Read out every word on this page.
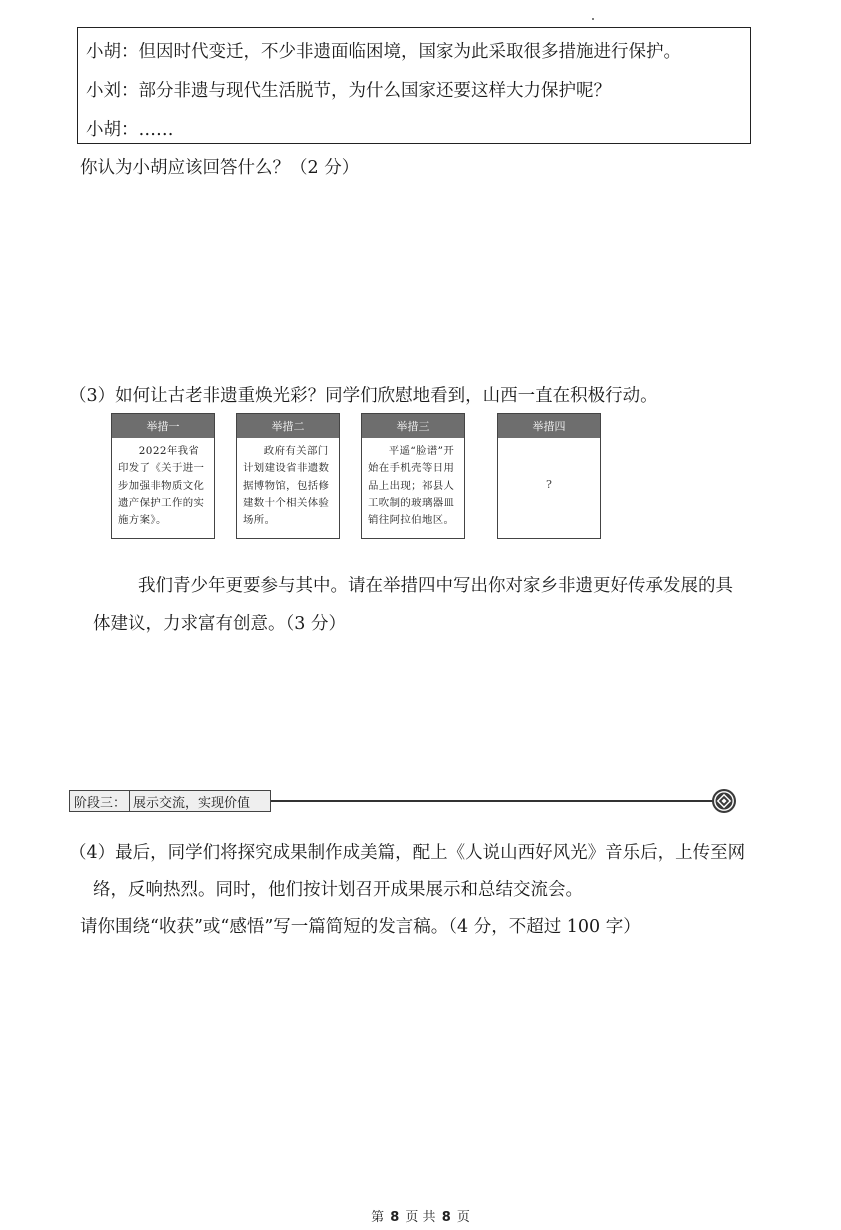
小胡：但因时代变迁，不少非遗面临困境，国家为此采取很多措施进行保护。
小刘：部分非遗与现代生活脱节，为什么国家还要这样大力保护呢？
小胡：……
你认为小胡应该回答什么？（2 分）
（3）如何让古老非遗重焕光彩？同学们欣慰地看到，山西一直在积极行动。
举措一
2022年我省印发了《关于进一步加强非物质文化遗产保护工作的实施方案》。
举措二
政府有关部门计划建设省非遗数据博物馆，包括修建数十个相关体验场所。
举措三
平遥“脸谱”开始在手机壳等日用品上出现；祁县人工吹制的玻璃器皿销往阿拉伯地区。
举措四
?
我们青少年更要参与其中。请在举措四中写出你对家乡非遗更好传承发展的具
体建议，力求富有创意。（3 分）
阶段三： 展示交流，实现价值
（4）最后，同学们将探究成果制作成美篇，配上《人说山西好风光》音乐后，上传至网
络，反响热烈。同时，他们按计划召开成果展示和总结交流会。
请你围绕“收获”或“感悟”写一篇简短的发言稿。（4 分，不超过 100 字）
第 8 页 共 8 页
